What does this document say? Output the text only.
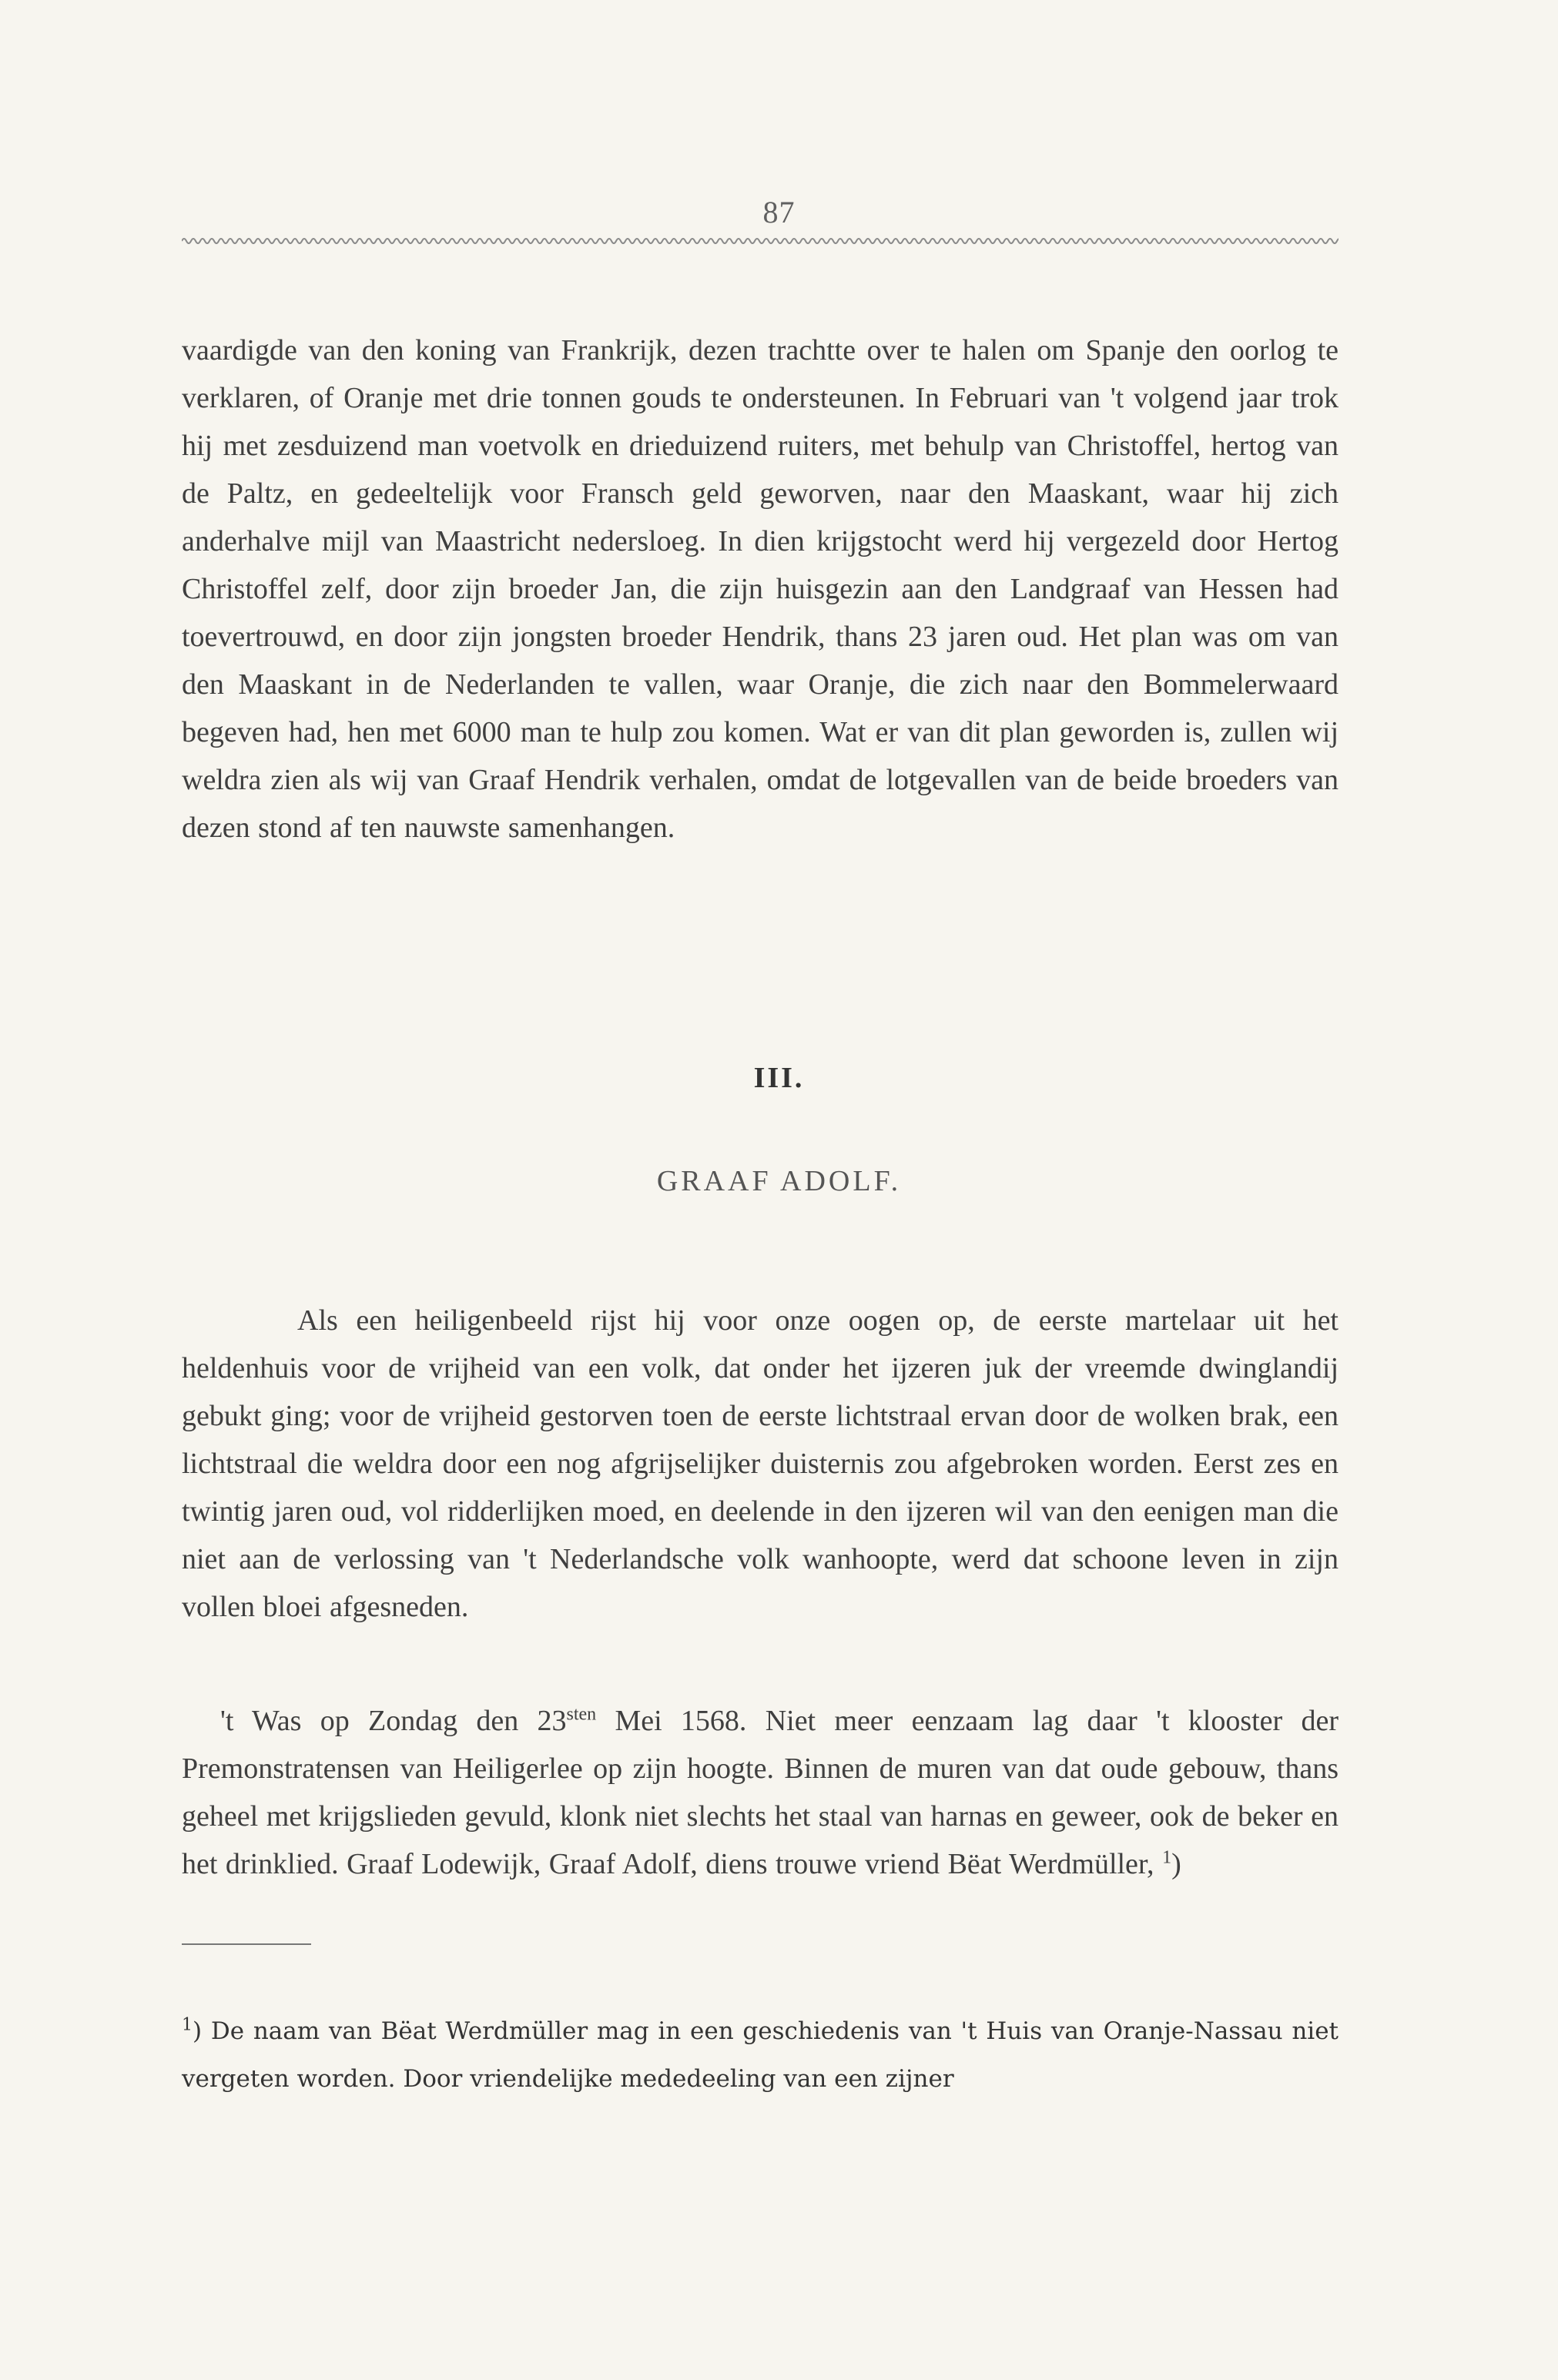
87

vaardigde van den koning van Frankrijk, dezen trachtte over te halen om Spanje den oorlog te verklaren, of Oranje met drie tonnen gouds te ondersteunen. In Februari van 't volgend jaar trok hij met zesduizend man voetvolk en drieduizend ruiters, met behulp van Christoffel, hertog van de Paltz, en gedeeltelijk voor Fransch geld geworven, naar den Maaskant, waar hij zich anderhalve mijl van Maastricht nedersloeg. In dien krijgstocht werd hij vergezeld door Hertog Christoffel zelf, door zijn broeder Jan, die zijn huisgezin aan den Landgraaf van Hessen had toevertrouwd, en door zijn jongsten broeder Hendrik, thans 23 jaren oud. Het plan was om van den Maaskant in de Nederlanden te vallen, waar Oranje, die zich naar den Bommelerwaard begeven had, hen met 6000 man te hulp zou komen. Wat er van dit plan geworden is, zullen wij weldra zien als wij van Graaf Hendrik verhalen, omdat de lotgevallen van de beide broeders van dezen stond af ten nauwste samenhangen.

III.
GRAAF ADOLF.

Als een heiligenbeeld rijst hij voor onze oogen op, de eerste martelaar uit het heldenhuis voor de vrijheid van een volk, dat onder het ijzeren juk der vreemde dwinglandij gebukt ging; voor de vrijheid gestorven toen de eerste lichtstraal ervan door de wolken brak, een lichtstraal die weldra door een nog afgrijselijker duisternis zou afgebroken worden. Eerst zes en twintig jaren oud, vol ridderlijken moed, en deelende in den ijzeren wil van den eenigen man die niet aan de verlossing van 't Nederlandsche volk wanhoopte, werd dat schoone leven in zijn vollen bloei afgesneden.

't Was op Zondag den $23^{sten}$ Mei 1568. Niet meer eenzaam lag daar 't klooster der Premonstratensen van Heiligerlee op zijn hoogte. Binnen de muren van dat oude gebouw, thans geheel met krijgslieden gevuld, klonk niet slechts het staal van harnas en geweer, ook de beker en het drinklied. Graaf Lodewijk, Graaf Adolf, diens trouwe vriend Bëat Werdmüller, $^1$)

$^1$) De naam van Bëat Werdmüller mag in een geschiedenis van 't Huis van Oranje-Nassau niet vergeten worden. Door vriendelijke mededeeling van een zijner
